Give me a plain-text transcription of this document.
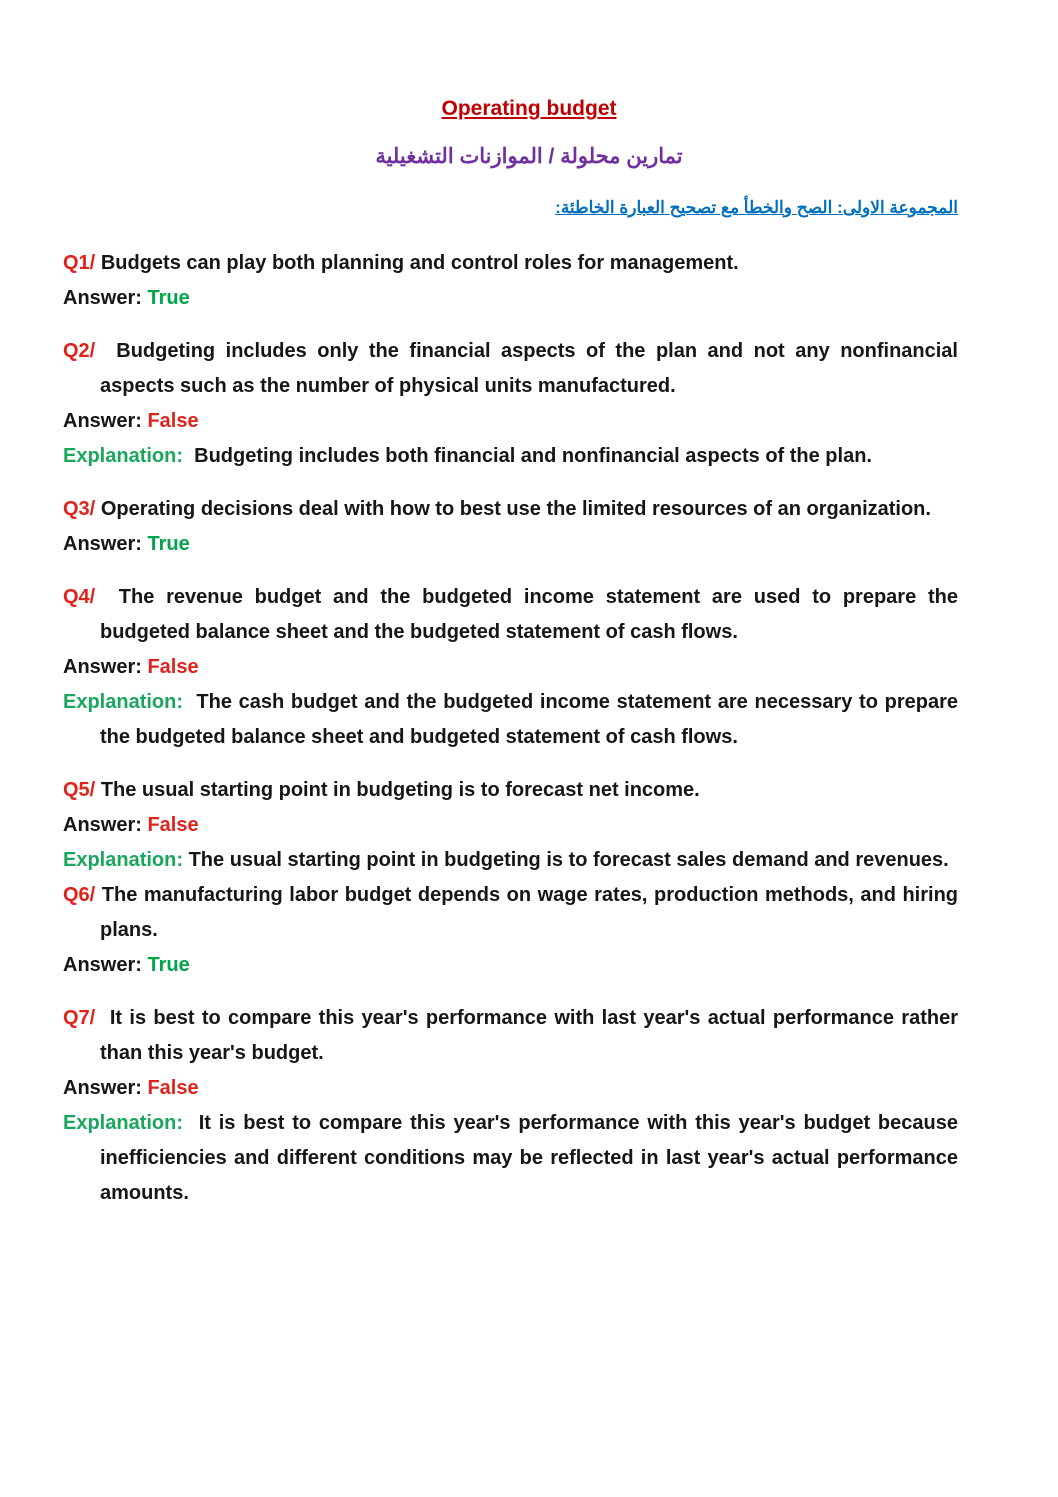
Operating budget
تمارين محلولة / الموازنات التشغيلية
المجموعة الاولى: الصح والخطأ مع تصحيح العبارة الخاطئة:

Q1/ Budgets can play both planning and control roles for management.

Answer: True

Q2/ Budgeting includes only the financial aspects of the plan and not any nonfinancial aspects such as the number of physical units manufactured.

Answer: False

Explanation: Budgeting includes both financial and nonfinancial aspects of the plan.

Q3/ Operating decisions deal with how to best use the limited resources of an organization.

Answer: True

Q4/ The revenue budget and the budgeted income statement are used to prepare the budgeted balance sheet and the budgeted statement of cash flows.

Answer: False

Explanation: The cash budget and the budgeted income statement are necessary to prepare the budgeted balance sheet and budgeted statement of cash flows.

Q5/ The usual starting point in budgeting is to forecast net income.

Answer: False

Explanation: The usual starting point in budgeting is to forecast sales demand and revenues.

Q6/ The manufacturing labor budget depends on wage rates, production methods, and hiring plans.

Answer: True

Q7/ It is best to compare this year's performance with last year's actual performance rather than this year's budget.

Answer: False

Explanation: It is best to compare this year's performance with this year's budget because inefficiencies and different conditions may be reflected in last year's actual performance amounts.
